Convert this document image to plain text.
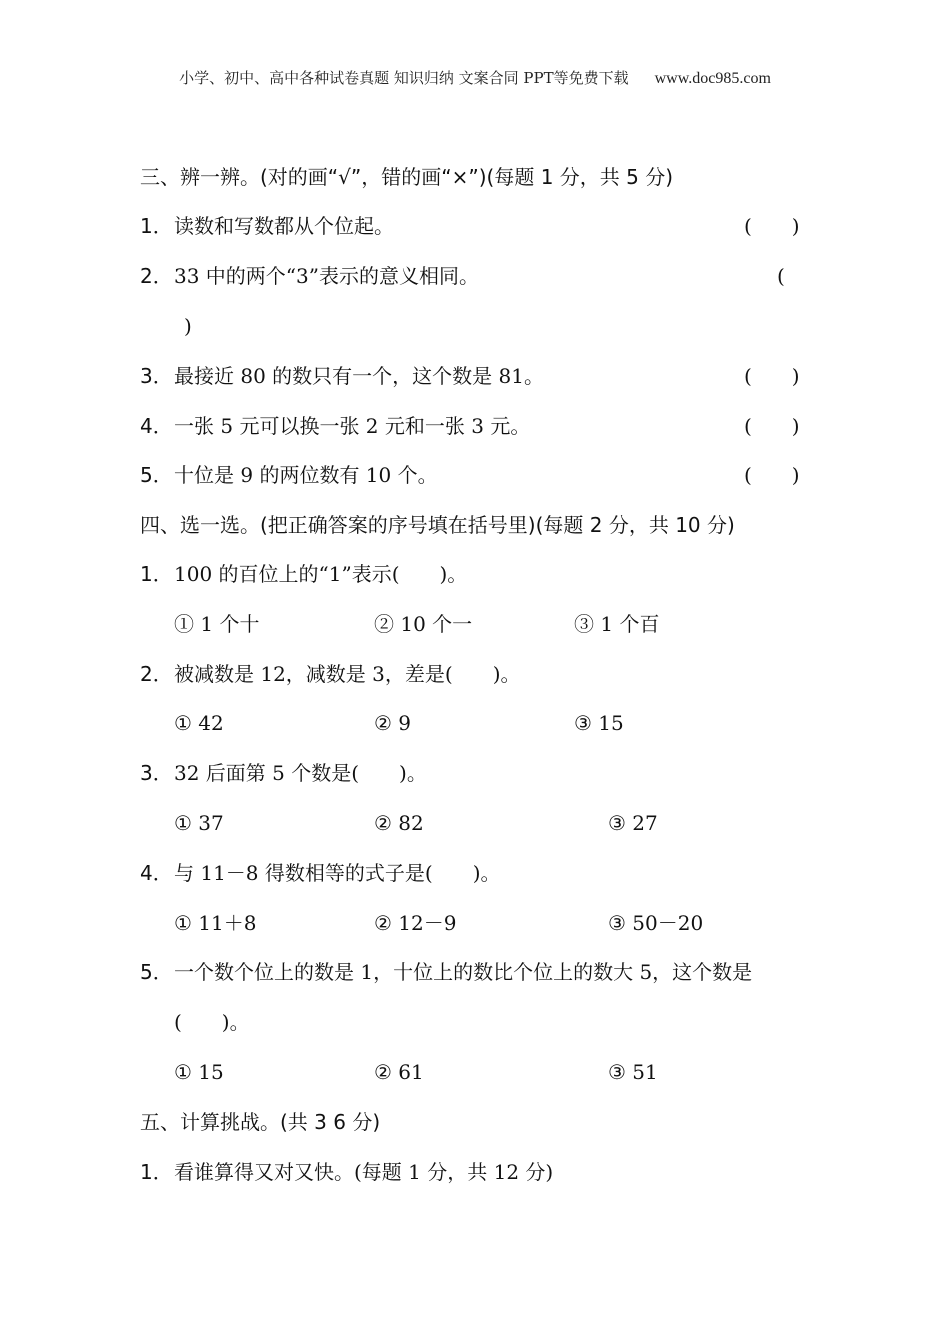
小学、初中、高中各种试卷真题 知识归纳 文案合同 PPT等免费下载 www.doc985.com
三、辨一辨。(对的画“√”，错的画“×”)(每题 1 分，共 5 分)
1．读数和写数都从个位起。	(　　)
2．33 中的两个“3”表示的意义相同。	(
)
3．最接近 80 的数只有一个，这个数是 81。	(　　)
4．一张 5 元可以换一张 2 元和一张 3 元。	(　　)
5．十位是 9 的两位数有 10 个。	(　　)
四、选一选。(把正确答案的序号填在括号里)(每题 2 分，共 10 分)
1．100 的百位上的“1”表示(　　)。
① 1 个十	② 10 个一	③ 1 个百
2．被减数是 12，减数是 3，差是(　　)。
① 42	② 9	③ 15
3．32 后面第 5 个数是(　　)。
① 37	② 82	③ 27
4．与 11－8 得数相等的式子是(　　)。
① 11＋8	② 12－9	③ 50－20
5．一个数个位上的数是 1，十位上的数比个位上的数大 5，这个数是
(　　)。
① 15	② 61	③ 51
五、计算挑战。(共 3 6 分)
1．看谁算得又对又快。(每题 1 分，共 12 分)
